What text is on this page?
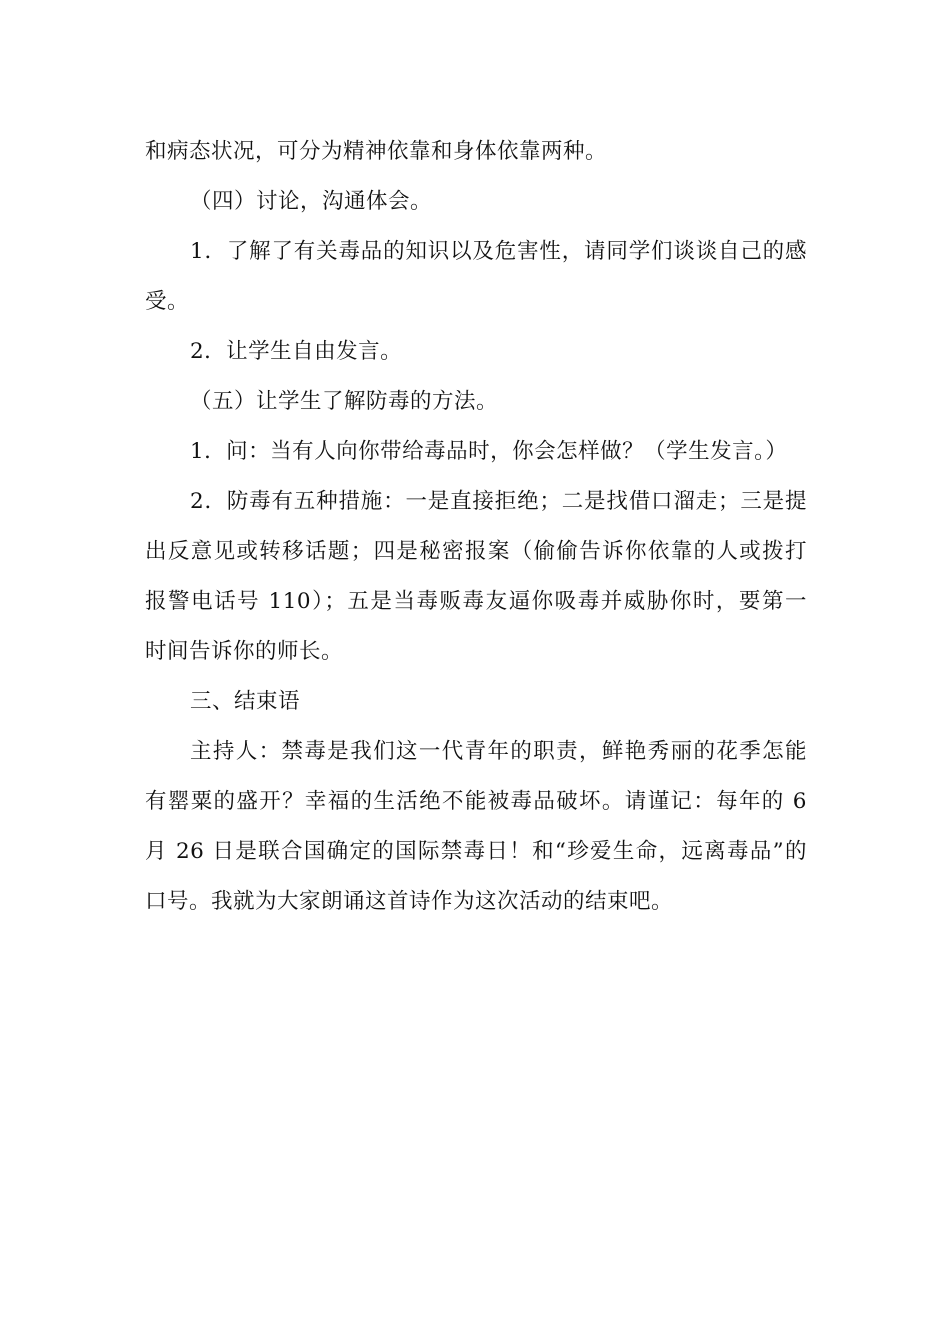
和病态状况，可分为精神依靠和身体依靠两种。
（四）讨论，沟通体会。
1．了解了有关毒品的知识以及危害性，请同学们谈谈自己的感
受。
2．让学生自由发言。
（五）让学生了解防毒的方法。
1．问：当有人向你带给毒品时，你会怎样做？（学生发言。）
2．防毒有五种措施：一是直接拒绝；二是找借口溜走；三是提
出反意见或转移话题；四是秘密报案（偷偷告诉你依靠的人或拨打
报警电话号 110）；五是当毒贩毒友逼你吸毒并威胁你时，要第一
时间告诉你的师长。
三、结束语
主持人：禁毒是我们这一代青年的职责，鲜艳秀丽的花季怎能
有罂粟的盛开？幸福的生活绝不能被毒品破坏。请谨记：每年的 6
月 26 日是联合国确定的国际禁毒日！和“珍爱生命，远离毒品”的
口号。我就为大家朗诵这首诗作为这次活动的结束吧。
